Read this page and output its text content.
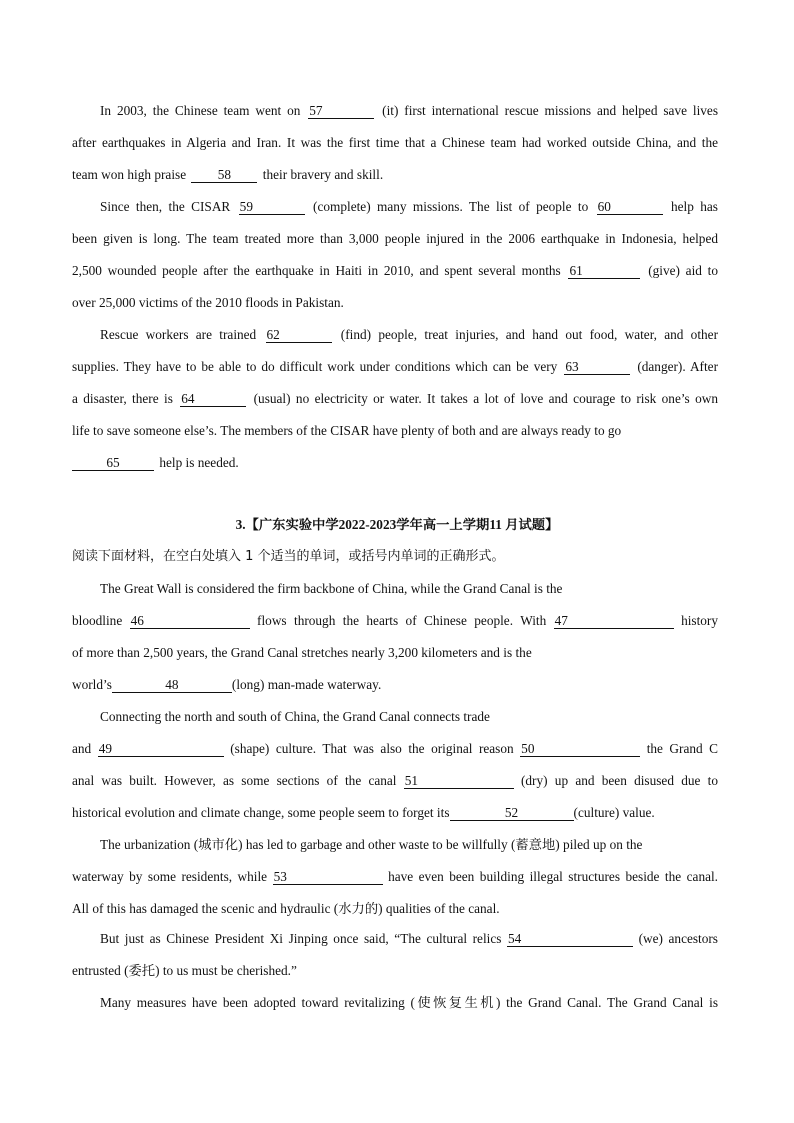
In 2003, the Chinese team went on 57	(it) first international rescue missions and helped save lives
after earthquakes in Algeria and Iran. It was the first time that a Chinese team had worked outside China, and the
team won high praise 58 their bravery and skill.
Since then, the CISAR 59	(complete) many missions. The list of people to 60	help has
been given is long. The team treated more than 3,000 people injured in the 2006 earthquake in Indonesia, helped
2,500 wounded people after the earthquake in Haiti in 2010, and spent several months 61	(give) aid to
over 25,000 victims of the 2010 floods in Pakistan.
Rescue workers are trained 62	(find) people, treat injuries, and hand out food, water, and other
supplies. They have to be able to do difficult work under conditions which can be very 63	(danger). After
a disaster, there is 64	(usual) no electricity or water. It takes a lot of love and courage to risk one’s own
life to save someone else’s. The members of the CISAR have plenty of both and are always ready to go
65	help is needed.
3.【广东实验中学2022-2023学年高一上学期11 月试题】
阅读下面材料，在空白处填入 1 个适当的单词，或括号内单词的正确形式。
The Great Wall is considered the firm backbone of China, while the Grand Canal is the
bloodline 46	flows through the hearts of Chinese people. With 47	history
of more than 2,500 years, the Grand Canal stretches nearly 3,200 kilometers and is the
world’s	48	(long) man-made waterway.
Connecting the north and south of China, the Grand Canal connects trade
and 49	(shape) culture. That was also the original reason 50	the Grand C
anal was built. However, as some sections of the canal 51	(dry) up and been disused due to
historical evolution and climate change, some people seem to forget its	52	(culture) value.
The urbanization (城市化) has led to garbage and other waste to be willfully (蓄意地) piled up on the
waterway by some residents, while 53	have even been building illegal structures beside the canal.
All of this has damaged the scenic and hydraulic (水力的) qualities of the canal.
But just as Chinese President Xi Jinping once said, “The cultural relics 54	(we) ancestors
entrusted (委托) to us must be cherished.”
Many measures have been adopted toward revitalizing (使恢复生机) the Grand Canal. The Grand Canal is
